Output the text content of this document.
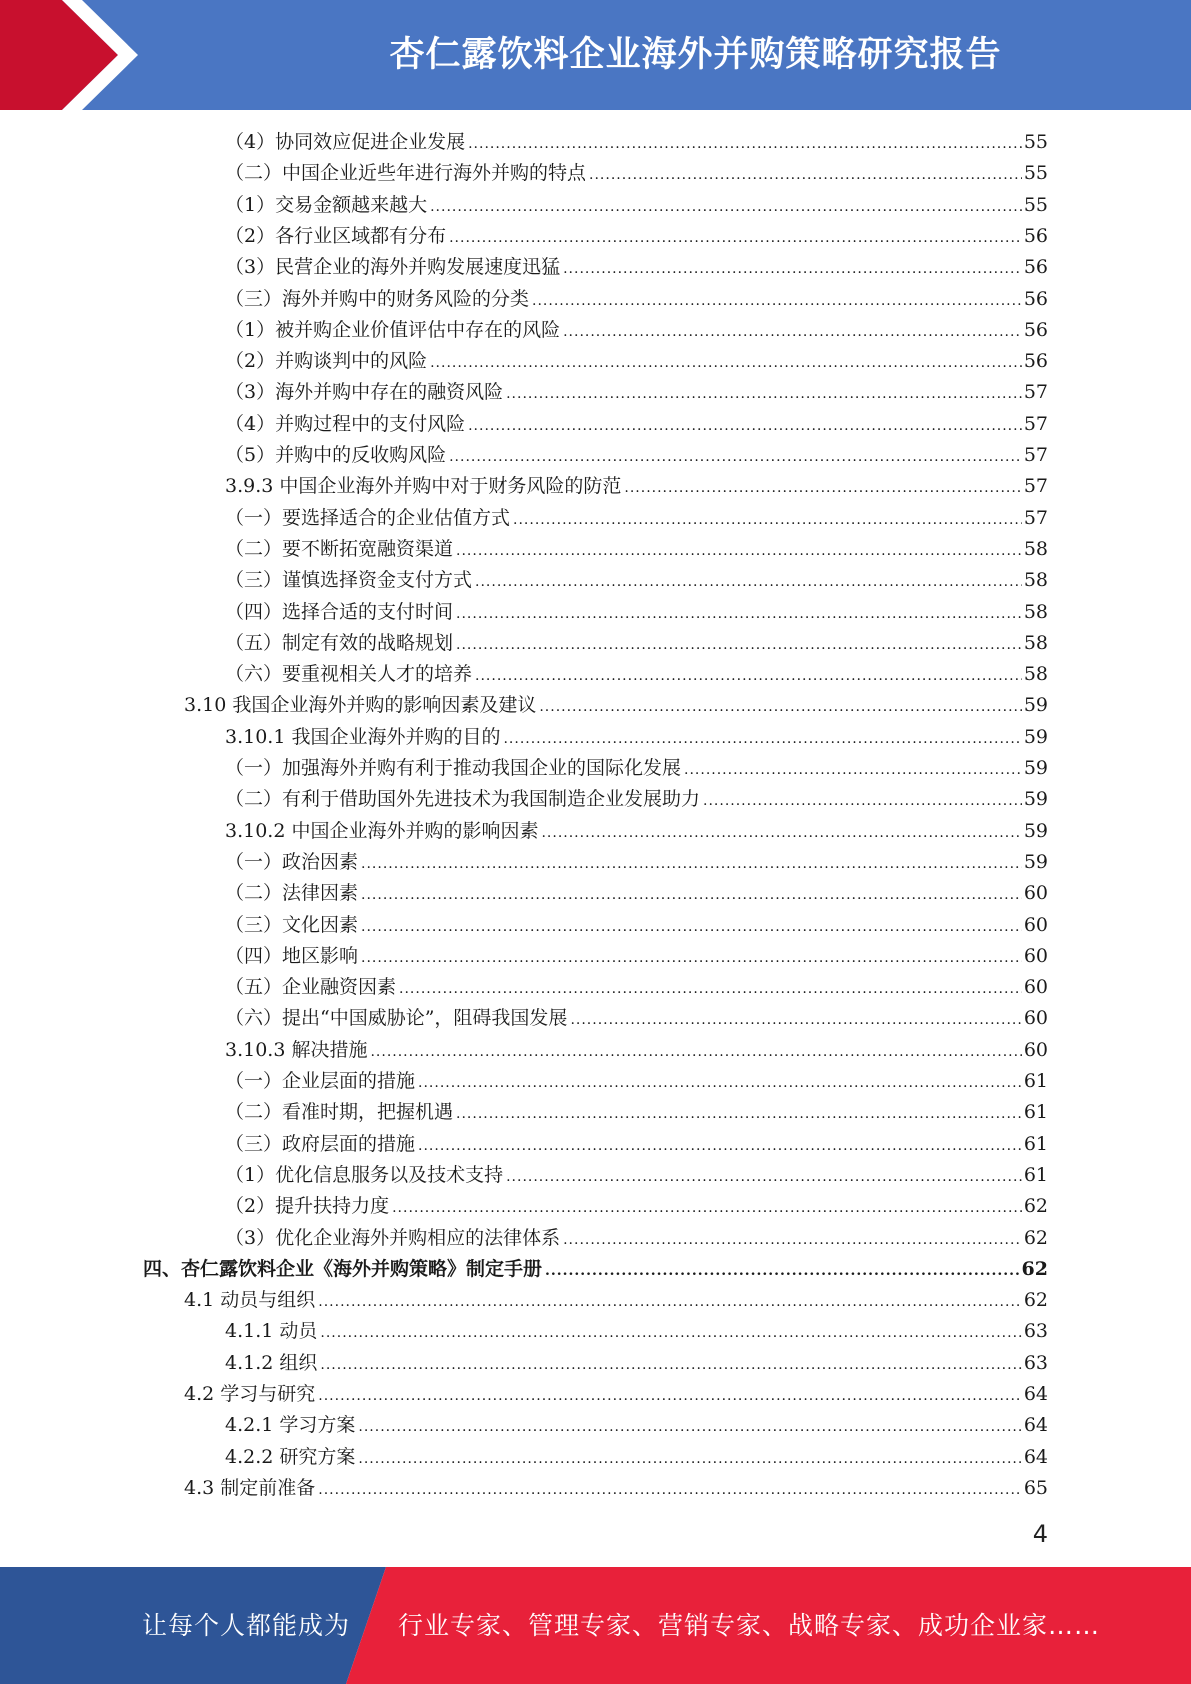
杏仁露饮料企业海外并购策略研究报告
（4）协同效应促进企业发展 .....	55
（二）中国企业近些年进行海外并购的特点 .....	55
（1）交易金额越来越大 .....	55
（2）各行业区域都有分布 .....	56
（3）民营企业的海外并购发展速度迅猛 .....	56
（三）海外并购中的财务风险的分类 .....	56
（1）被并购企业价值评估中存在的风险 .....	56
（2）并购谈判中的风险 .....	56
（3）海外并购中存在的融资风险 .....	57
（4）并购过程中的支付风险 .....	57
（5）并购中的反收购风险 .....	57
3.9.3 中国企业海外并购中对于财务风险的防范 .....	57
（一）要选择适合的企业估值方式 .....	57
（二）要不断拓宽融资渠道 .....	58
（三）谨慎选择资金支付方式 .....	58
（四）选择合适的支付时间 .....	58
（五）制定有效的战略规划 .....	58
（六）要重视相关人才的培养 .....	58
3.10 我国企业海外并购的影响因素及建议 .....	59
3.10.1 我国企业海外并购的目的 .....	59
（一）加强海外并购有利于推动我国企业的国际化发展 .....	59
（二）有利于借助国外先进技术为我国制造企业发展助力 .....	59
3.10.2 中国企业海外并购的影响因素 .....	59
（一）政治因素 .....	59
（二）法律因素 .....	60
（三）文化因素 .....	60
（四）地区影响 .....	60
（五）企业融资因素 .....	60
（六）提出“中国威胁论”，阻碍我国发展 .....	60
3.10.3 解决措施 .....	60
（一）企业层面的措施 .....	61
（二）看准时期，把握机遇 .....	61
（三）政府层面的措施 .....	61
（1）优化信息服务以及技术支持 .....	61
（2）提升扶持力度 .....	62
（3）优化企业海外并购相应的法律体系 .....	62
四、杏仁露饮料企业《海外并购策略》制定手册 .....	62
4.1 动员与组织 .....	62
4.1.1 动员 .....	63
4.1.2 组织 .....	63
4.2 学习与研究 .....	64
4.2.1 学习方案 .....	64
4.2.2 研究方案 .....	64
4.3 制定前准备 .....	65
4
让每个人都能成为 行业专家、管理专家、营销专家、战略专家、成功企业家……
